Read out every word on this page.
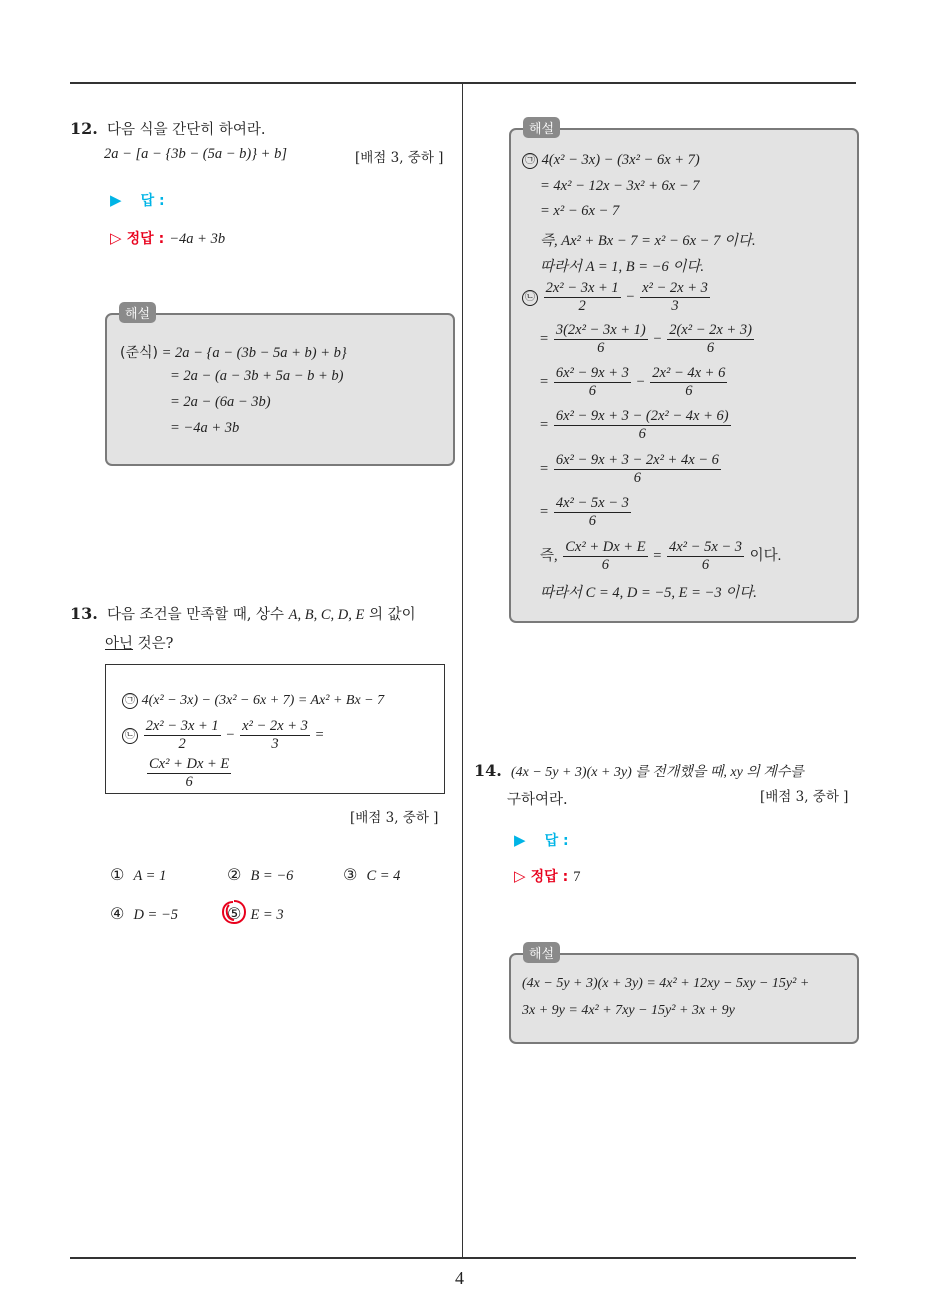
4
12. 다음 식을 간단히 하여라.
2a − [a − {3b − (5a − b)} + b]	[배점 3, 중하 ]
▶ 답 :
▷ 정답 : −4a + 3b
해설
(준식) = 2a − {a − (3b − 5a + b) + b}
= 2a − (a − 3b + 5a − b + b)
= 2a − (6a − 3b)
= −4a + 3b
13. 다음 조건을 만족할 때, 상수 A, B, C, D, E 의 값이
아닌 것은?
㉠ 4(x² − 3x) − (3x² − 6x + 7) = Ax² + Bx − 7
㉡ $\frac{\text{2x² − 3x + 1}}{2} - \frac{\text{x² − 2x + 3}}{3}$ =
$\frac{\text{Cx² + Dx + E}}{6}$
[배점 3, 중하 ]
① A = 1	② B = −6	③ C = 4
④ D = −5	⑤ E = 3
해설
㉠ 4(x² − 3x) − (3x² − 6x + 7)
= 4x² − 12x − 3x² + 6x − 7
= x² − 6x − 7
즉, Ax² + Bx − 7 = x² − 6x − 7 이다.
따라서 A = 1, B = −6 이다.
㉡ $\frac{\text{2x² − 3x + 1}}{2} - \frac{\text{x² − 2x + 3}}{3}$
= $\frac{\text{3(2x² − 3x + 1)}}{6} - \frac{\text{2(x² − 2x + 3)}}{6}$
= $\frac{\text{6x² − 9x + 3}}{6} - \frac{\text{2x² − 4x + 6}}{6}$
= $\frac{\text{6x² − 9x + 3 − (2x² − 4x + 6)}}{6}$
= $\frac{\text{6x² − 9x + 3 − 2x² + 4x − 6}}{6}$
= $\frac{\text{4x² − 5x − 3}}{6}$
즉, $\frac{\text{Cx² + Dx + E}}{6} = \frac{\text{4x² − 5x − 3}}{6}$ 이다.
따라서 C = 4, D = −5, E = −3 이다.
14. (4x − 5y + 3)(x + 3y) 를 전개했을 때, xy 의 계수를
구하여라.	[배점 3, 중하 ]
▶ 답 :
▷ 정답 : 7
해설
(4x − 5y + 3)(x + 3y) = 4x² + 12xy − 5xy − 15y² +
3x + 9y = 4x² + 7xy − 15y² + 3x + 9y
